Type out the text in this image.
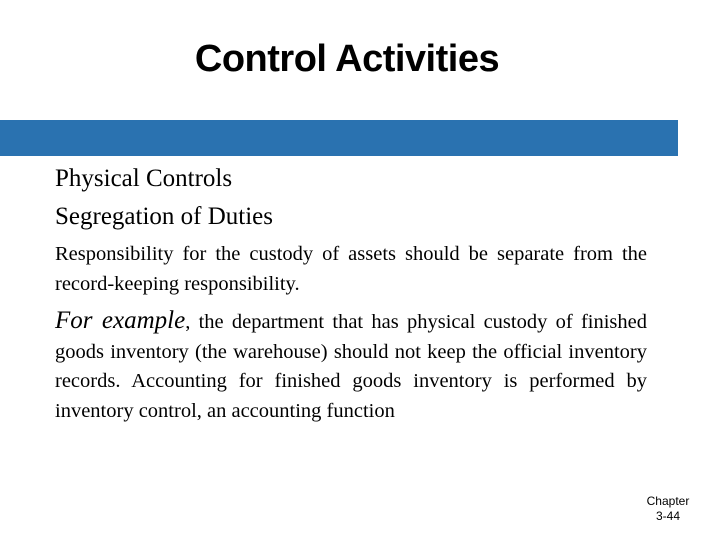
Control Activities
Physical Controls
Segregation of Duties
Responsibility for the custody of assets should be separate from the record-keeping responsibility.
For example, the department that has physical custody of finished goods inventory (the warehouse) should not keep the official inventory records. Accounting for finished goods inventory is performed by inventory control, an accounting function
Chapter
3-44
